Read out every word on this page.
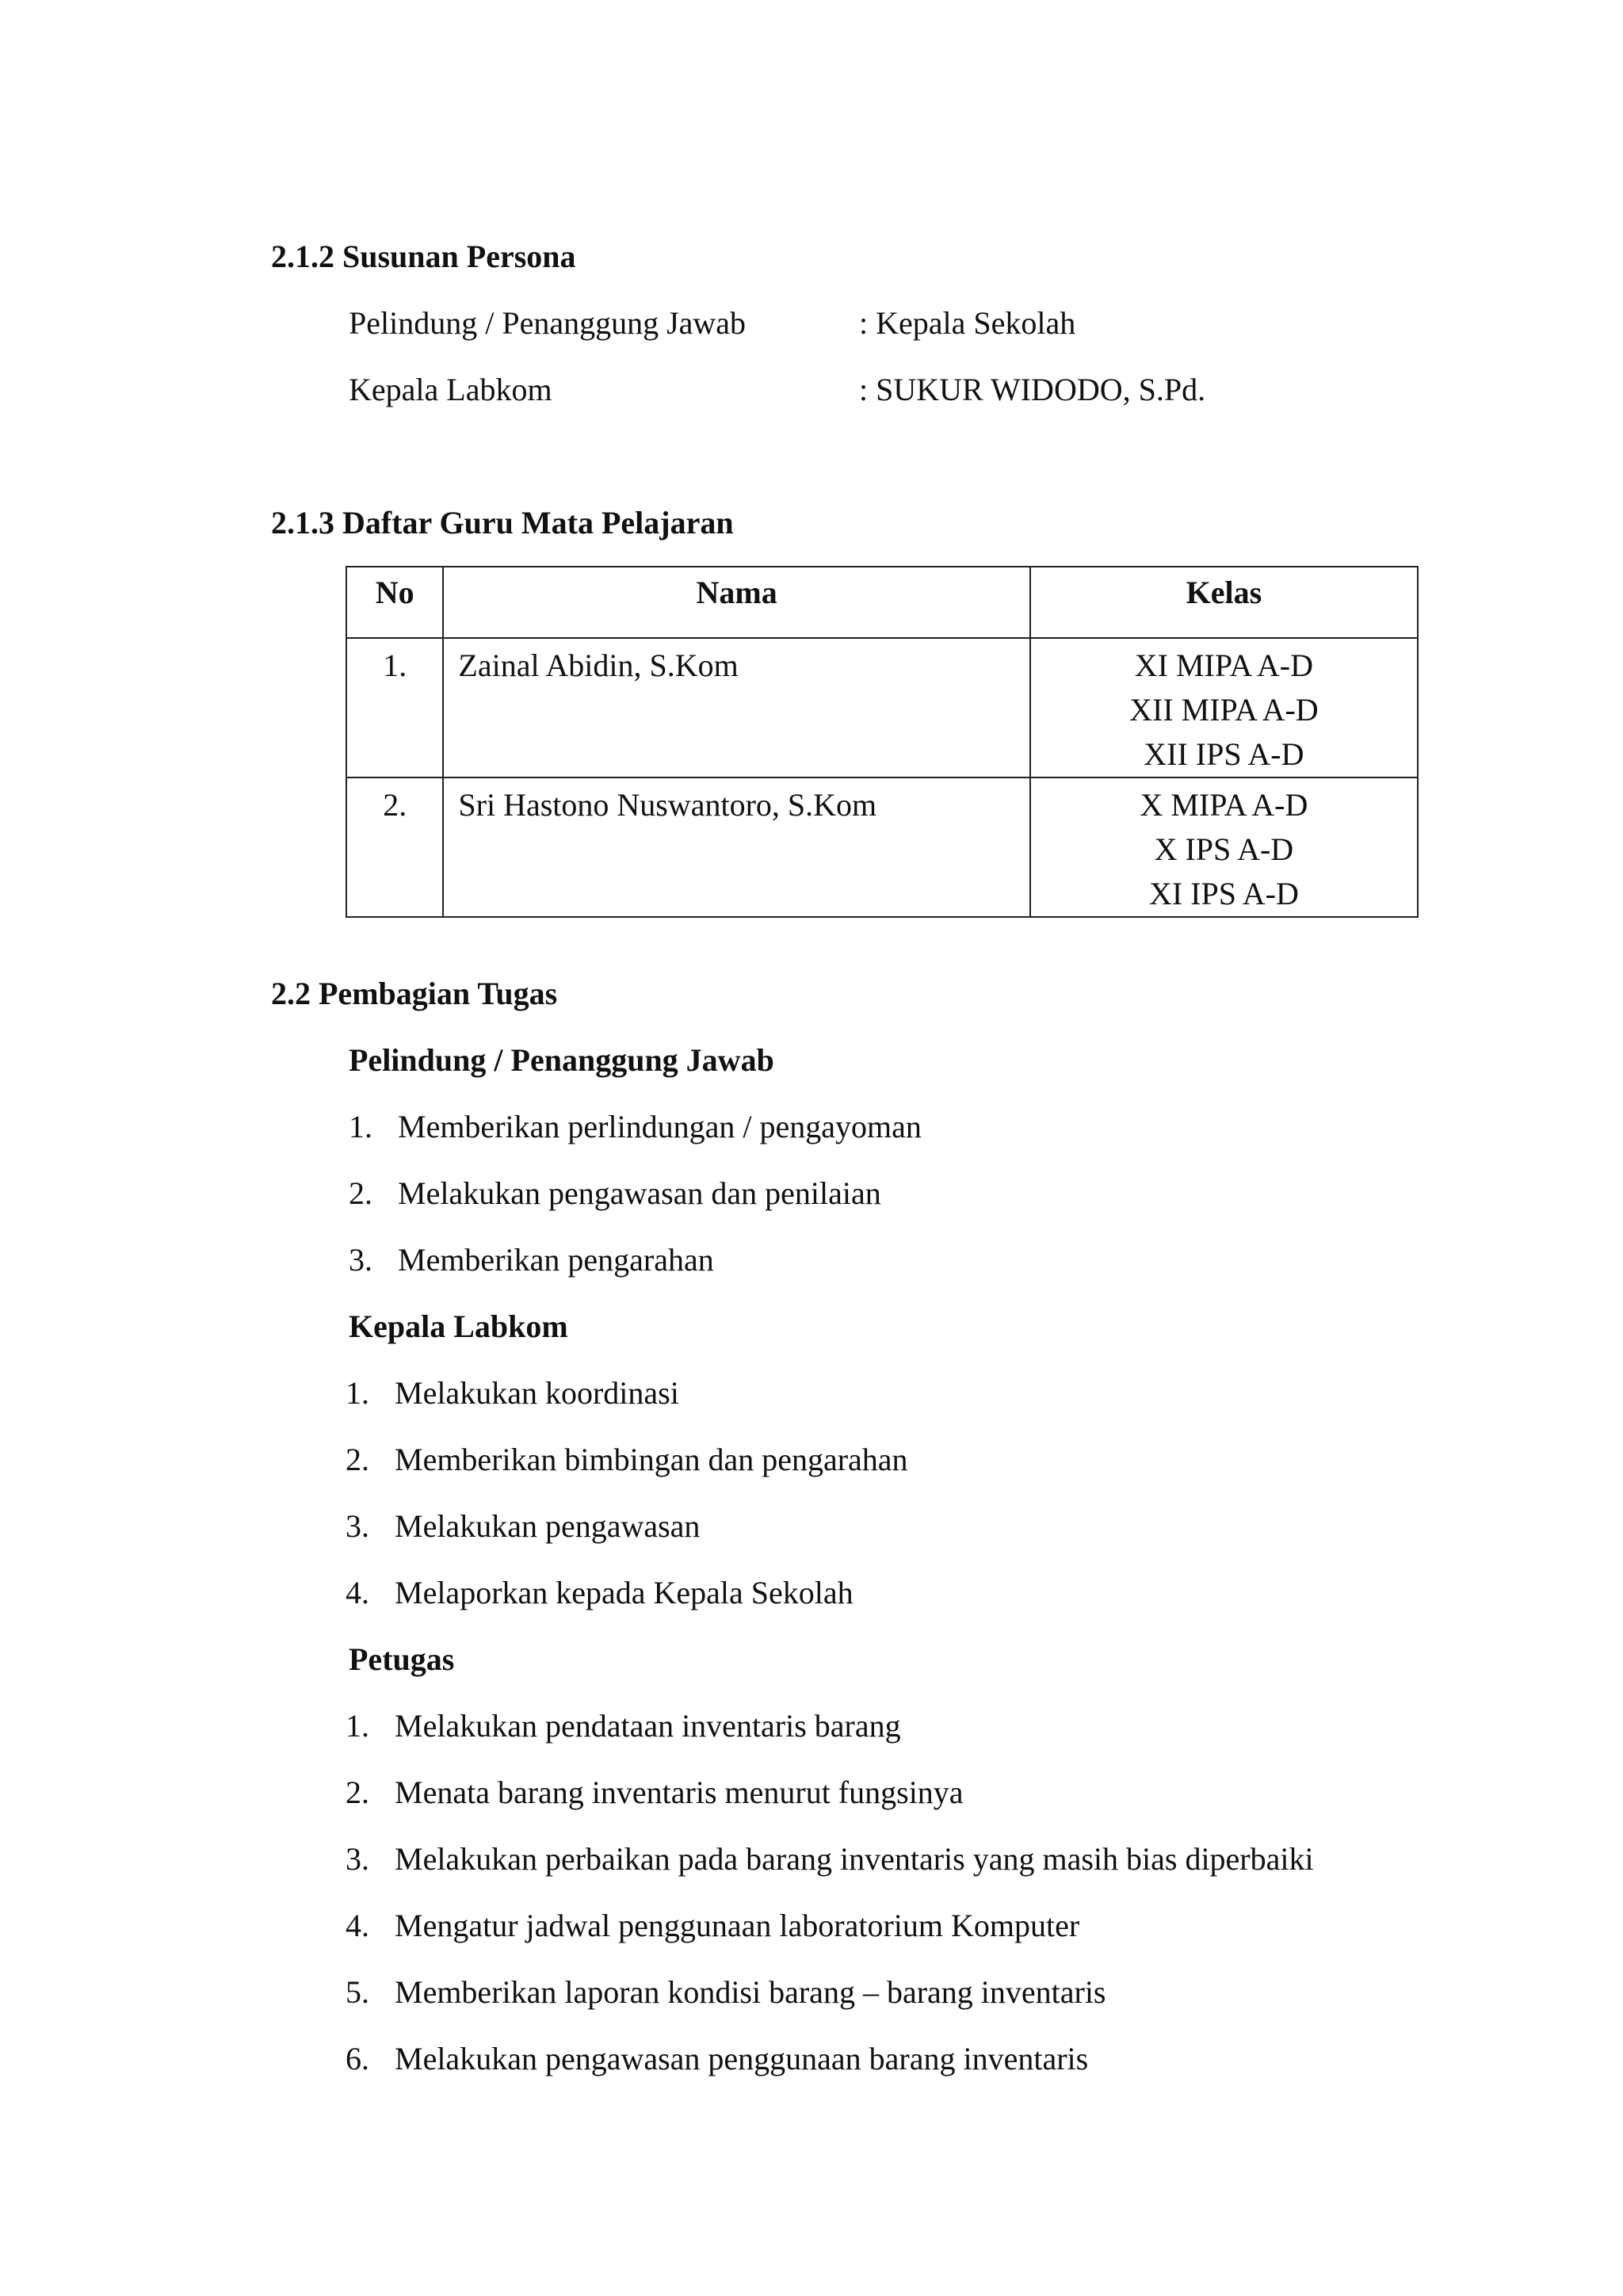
2.1.2 Susunan Persona
Pelindung / Penanggung Jawab	: Kepala Sekolah
Kepala Labkom	: SUKUR WIDODO, S.Pd.
2.1.3 Daftar Guru Mata Pelajaran
No	Nama	Kelas
1.	Zainal Abidin, S.Kom	XI MIPA A-D
XII MIPA A-D
XII IPS A-D

2.	Sri Hastono Nuswantoro, S.Kom	X MIPA A-D
X IPS A-D
XI IPS A-D
2.2 Pembagian Tugas
Pelindung / Penanggung Jawab
1. Memberikan perlindungan / pengayoman
2. Melakukan pengawasan dan penilaian
3. Memberikan pengarahan
Kepala Labkom
1. Melakukan koordinasi
2. Memberikan bimbingan dan pengarahan
3. Melakukan pengawasan
4. Melaporkan kepada Kepala Sekolah
Petugas
1. Melakukan pendataan inventaris barang
2. Menata barang inventaris menurut fungsinya
3. Melakukan perbaikan pada barang inventaris yang masih bias diperbaiki
4. Mengatur jadwal penggunaan laboratorium Komputer
5. Memberikan laporan kondisi barang – barang inventaris
6. Melakukan pengawasan penggunaan barang inventaris
